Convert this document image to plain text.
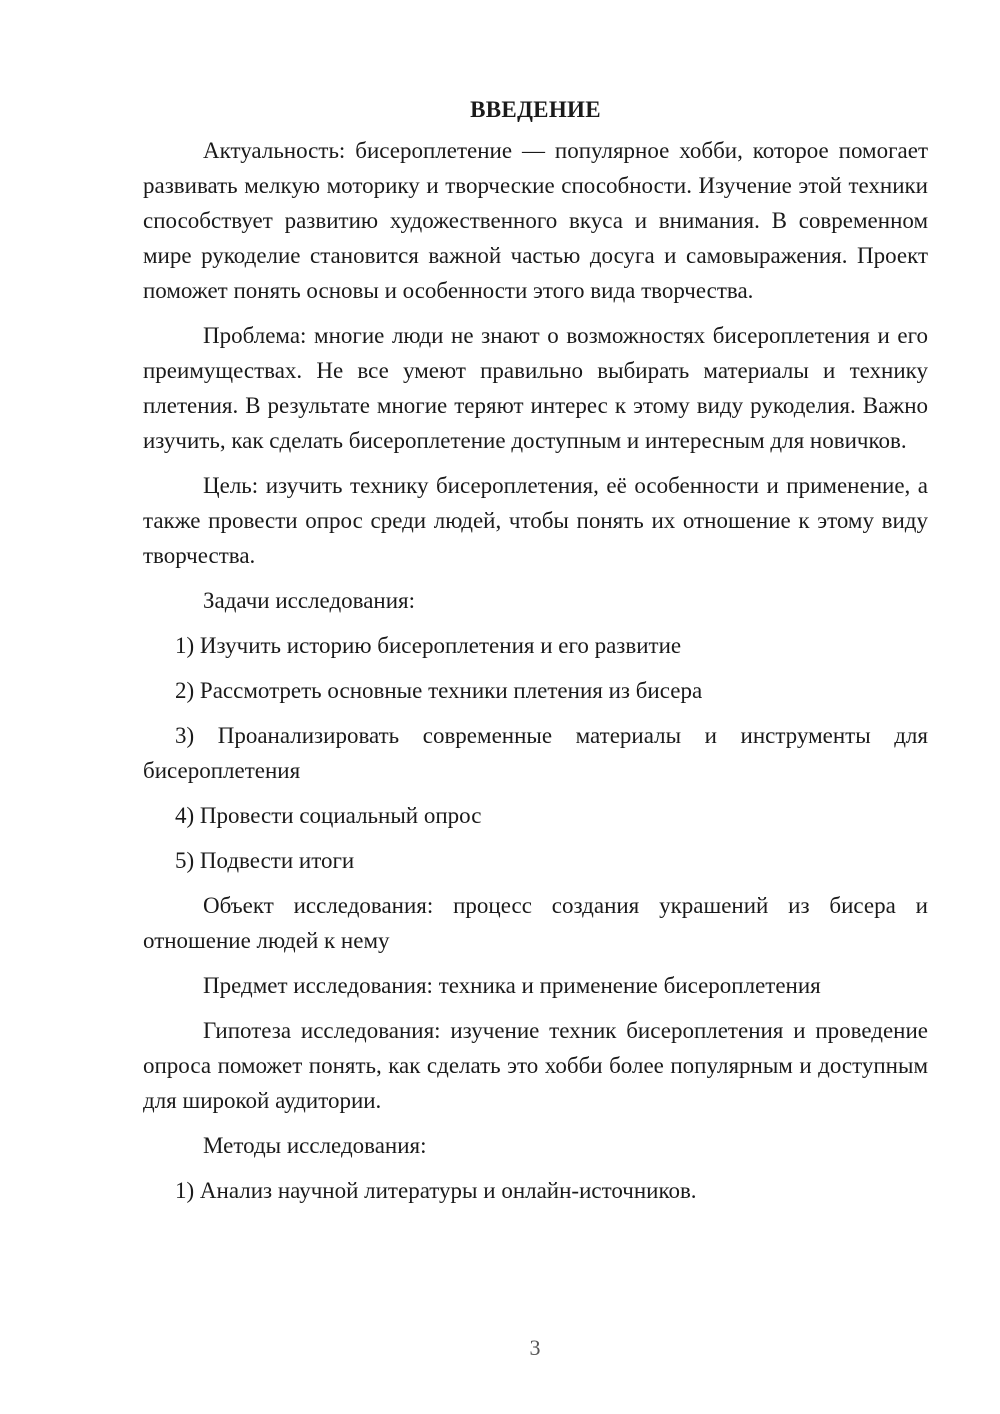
ВВЕДЕНИЕ

Актуальность: бисероплетение — популярное хобби, которое помогает развивать мелкую моторику и творческие способности. Изучение этой техники способствует развитию художественного вкуса и внимания. В современном мире рукоделие становится важной частью досуга и самовыражения. Проект поможет понять основы и особенности этого вида творчества.

Проблема: многие люди не знают о возможностях бисероплетения и его преимуществах. Не все умеют правильно выбирать материалы и технику плетения. В результате многие теряют интерес к этому виду рукоделия. Важно изучить, как сделать бисероплетение доступным и интересным для новичков.

Цель: изучить технику бисероплетения, её особенности и применение, а также провести опрос среди людей, чтобы понять их отношение к этому виду творчества.

Задачи исследования:

1) Изучить историю бисероплетения и его развитие

2) Рассмотреть основные техники плетения из бисера

3) Проанализировать современные материалы и инструменты для бисероплетения

4) Провести социальный опрос

5) Подвести итоги

Объект исследования: процесс создания украшений из бисера и отношение людей к нему

Предмет исследования: техника и применение бисероплетения

Гипотеза исследования: изучение техник бисероплетения и проведение опроса поможет понять, как сделать это хобби более популярным и доступным для широкой аудитории.

Методы исследования:

1) Анализ научной литературы и онлайн-источников.

3
